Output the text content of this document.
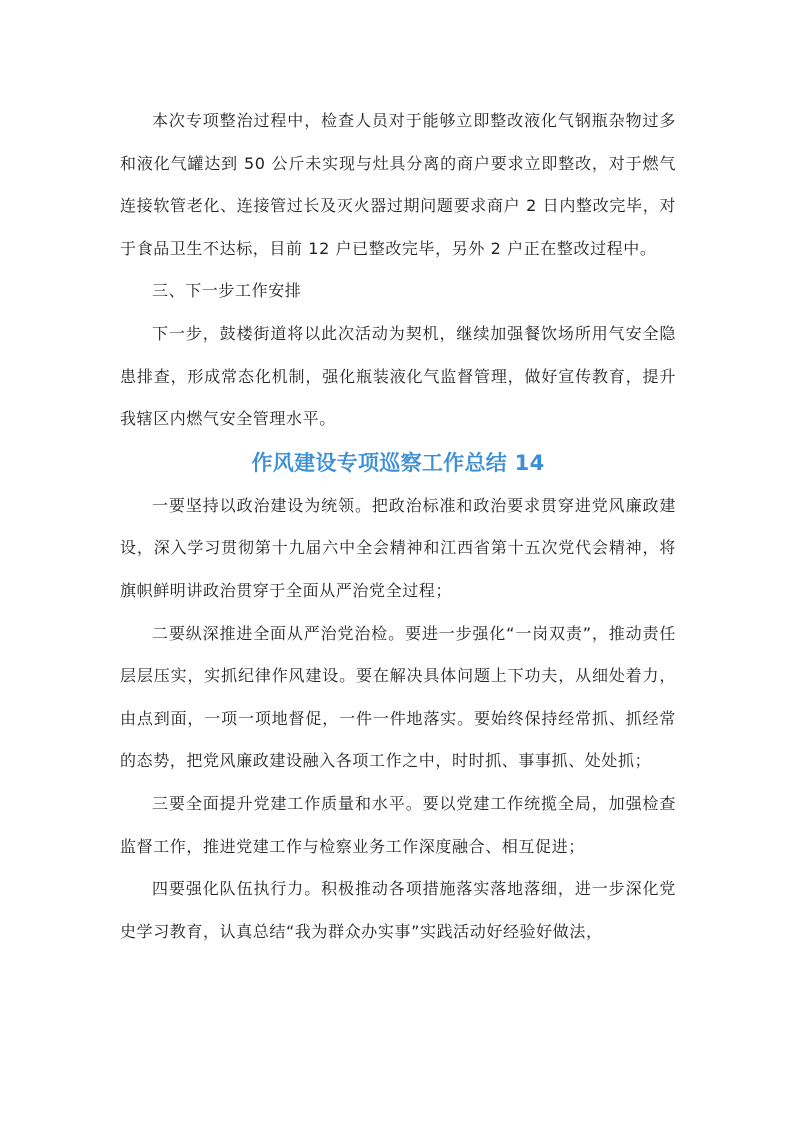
本次专项整治过程中，检查人员对于能够立即整改液化气钢瓶杂物过多和液化气罐达到 50 公斤未实现与灶具分离的商户要求立即整改，对于燃气连接软管老化、连接管过长及灭火器过期问题要求商户 2 日内整改完毕，对于食品卫生不达标，目前 12 户已整改完毕，另外 2 户正在整改过程中。

三、下一步工作安排

下一步，鼓楼街道将以此次活动为契机，继续加强餐饮场所用气安全隐患排查，形成常态化机制，强化瓶装液化气监督管理，做好宣传教育，提升我辖区内燃气安全管理水平。

作风建设专项巡察工作总结 14

一要坚持以政治建设为统领。把政治标准和政治要求贯穿进党风廉政建设，深入学习贯彻第十九届六中全会精神和江西省第十五次党代会精神，将旗帜鲜明讲政治贯穿于全面从严治党全过程；

二要纵深推进全面从严治党治检。要进一步强化“一岗双责”，推动责任层层压实，实抓纪律作风建设。要在解决具体问题上下功夫，从细处着力，由点到面，一项一项地督促，一件一件地落实。要始终保持经常抓、抓经常的态势，把党风廉政建设融入各项工作之中，时时抓、事事抓、处处抓；

三要全面提升党建工作质量和水平。要以党建工作统揽全局，加强检查监督工作，推进党建工作与检察业务工作深度融合、相互促进；

四要强化队伍执行力。积极推动各项措施落实落地落细，进一步深化党史学习教育，认真总结“我为群众办实事”实践活动好经验好做法，
